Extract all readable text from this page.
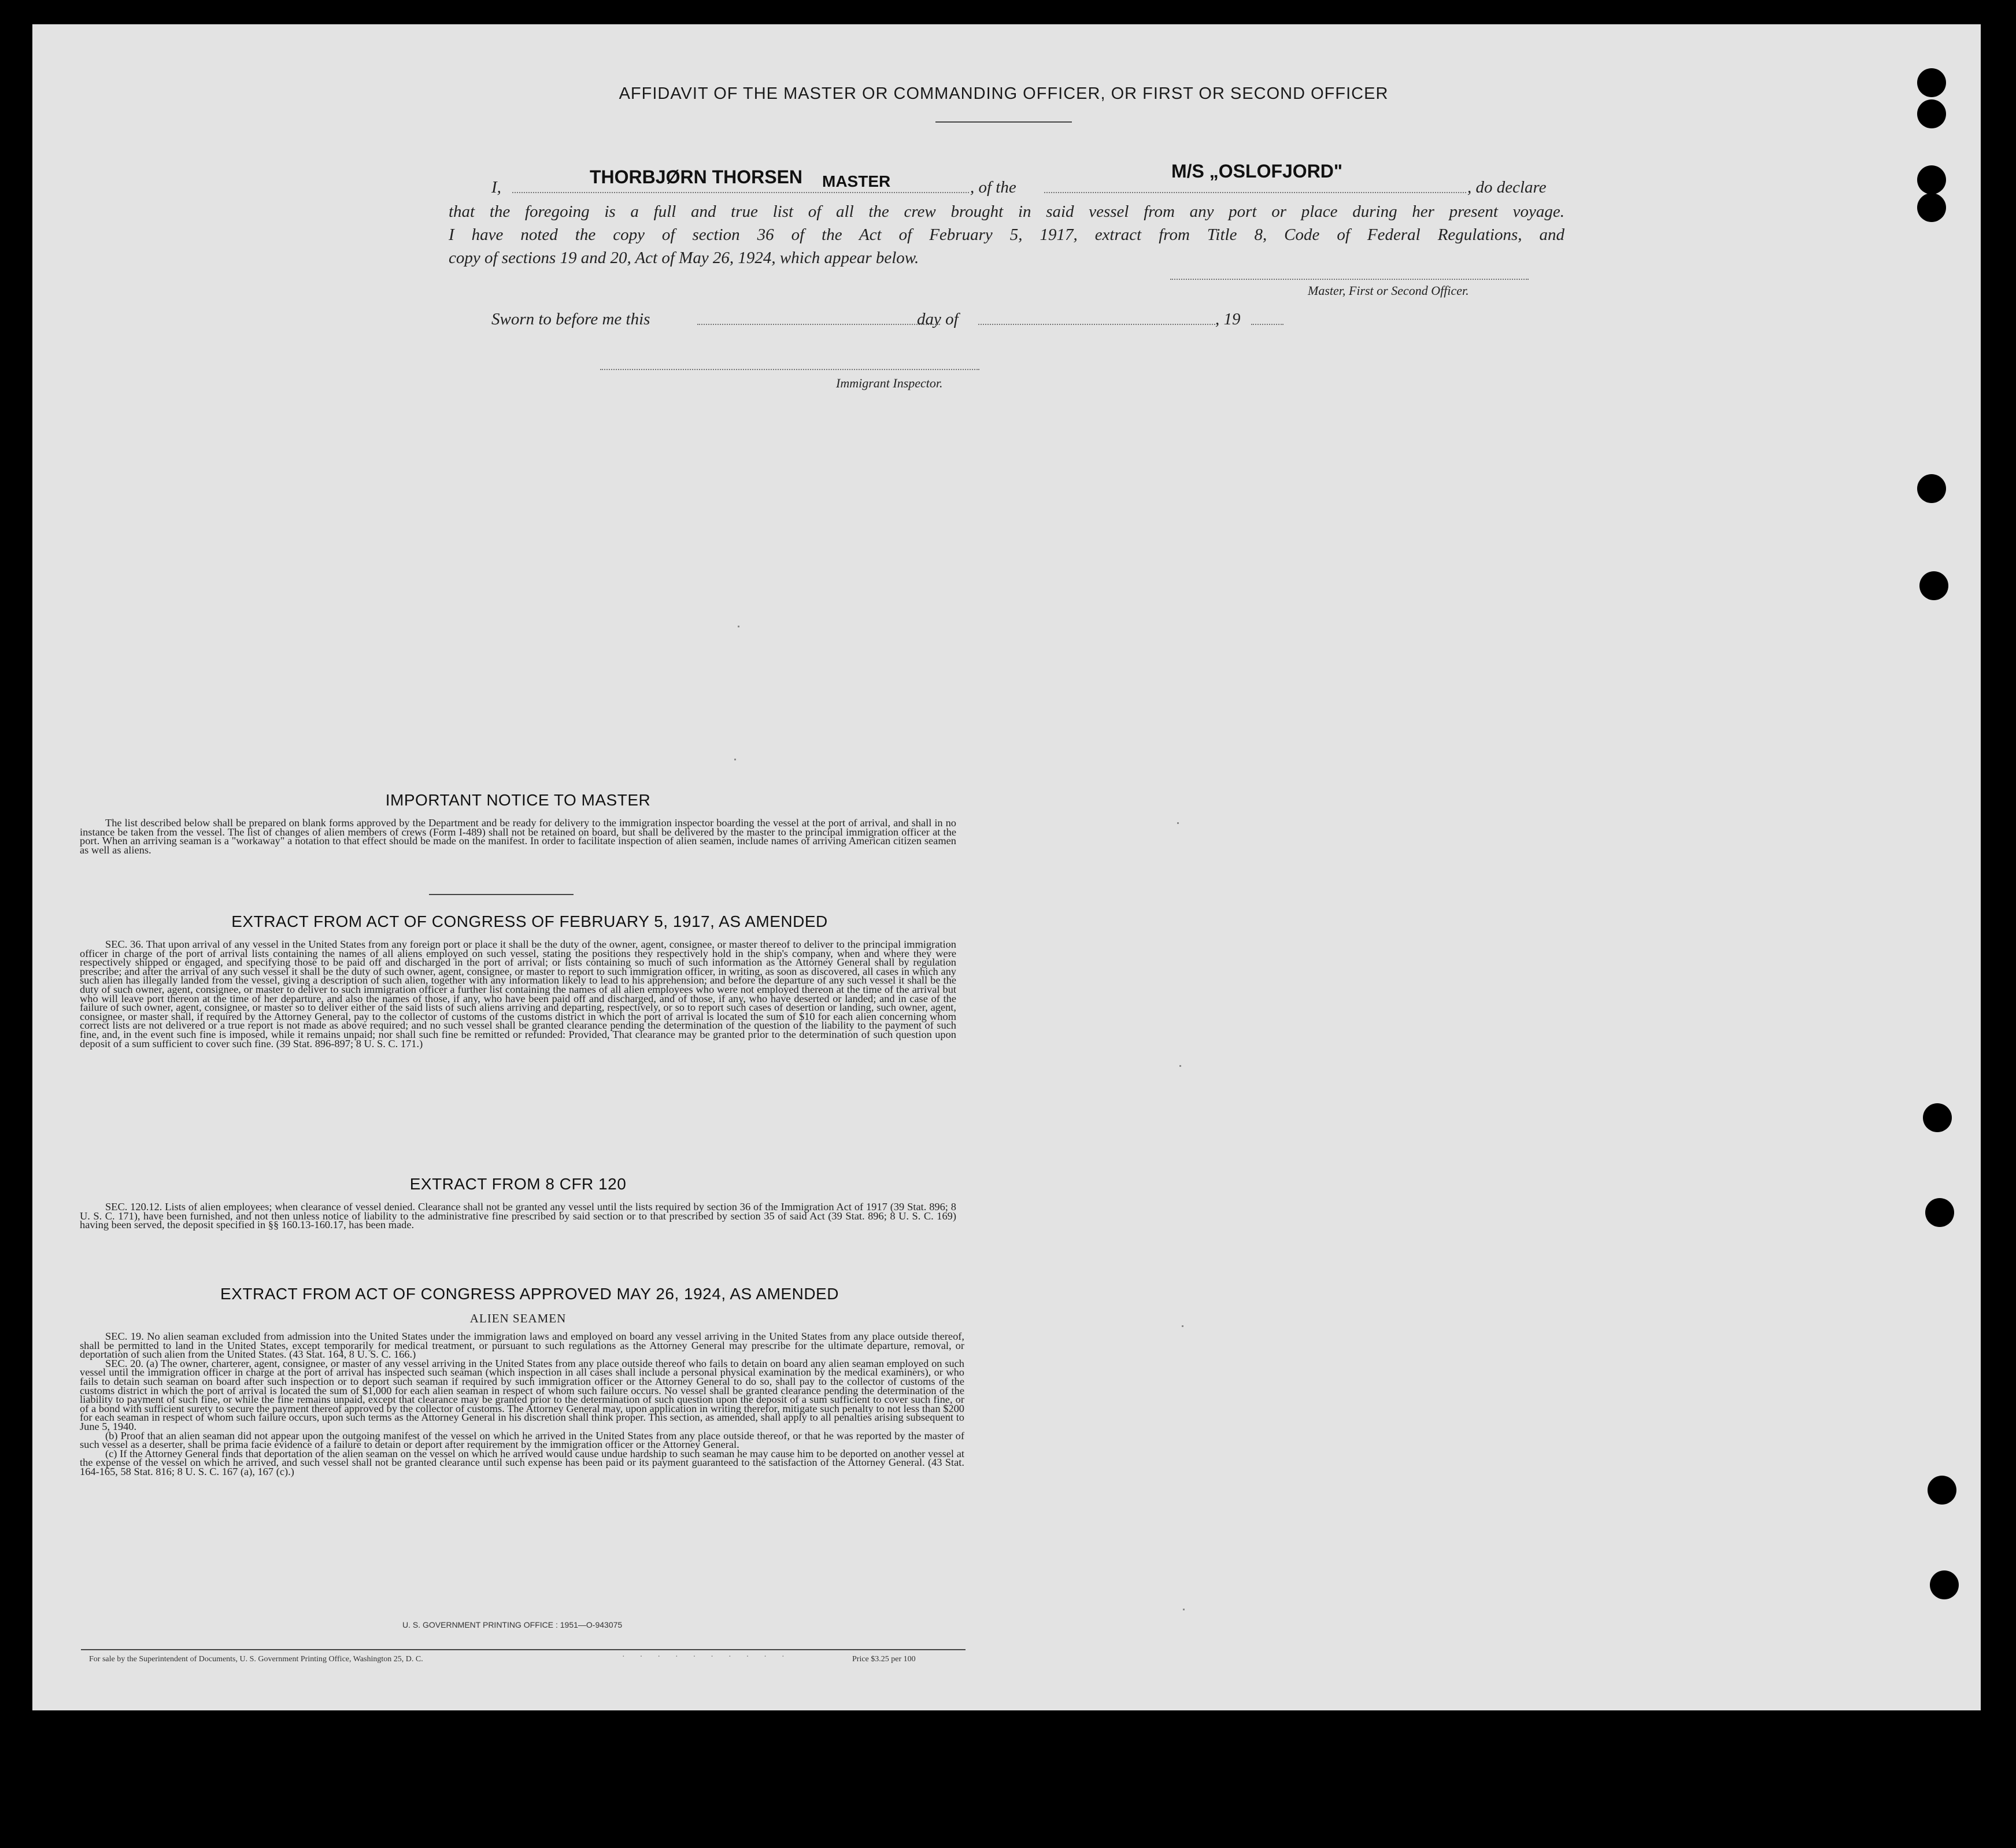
AFFIDAVIT OF THE MASTER OR COMMANDING OFFICER, OR FIRST OR SECOND OFFICER
I,	THORBJØRN THORSEN MASTER	, of the
M/S „OSLOFJORD"
, do declare
that the foregoing is a full and true list of all the crew brought in said vessel from any port or place during her present voyage.
I have noted the copy of section 36 of the Act of February 5, 1917, extract from Title 8, Code of Federal Regulations, and
copy of sections 19 and 20, Act of May 26, 1924, which appear below.
Master, First or Second Officer.
Sworn to before me this	day of	, 19
Immigrant Inspector.
IMPORTANT NOTICE TO MASTER

The list described below shall be prepared on blank forms approved by the Department and be ready for delivery to the immigration inspector boarding the vessel at the port of arrival, and shall in no instance be taken from the vessel. The list of changes of alien members of crews (Form I-489) shall not be retained on board, but shall be delivered by the master to the principal immigration officer at the port. When an arriving seaman is a "workaway" a notation to that effect should be made on the manifest. In order to facilitate inspection of alien seamen, include names of arriving American citizen seamen as well as aliens.

EXTRACT FROM ACT OF CONGRESS OF FEBRUARY 5, 1917, AS AMENDED

SEC. 36. That upon arrival of any vessel in the United States from any foreign port or place it shall be the duty of the owner, agent, consignee, or master thereof to deliver to the principal immigration officer in charge of the port of arrival lists containing the names of all aliens employed on such vessel, stating the positions they respectively hold in the ship's company, when and where they were respectively shipped or engaged, and specifying those to be paid off and discharged in the port of arrival; or lists containing so much of such information as the Attorney General shall by regulation prescribe; and after the arrival of any such vessel it shall be the duty of such owner, agent, consignee, or master to report to such immigration officer, in writing, as soon as discovered, all cases in which any such alien has illegally landed from the vessel, giving a description of such alien, together with any information likely to lead to his apprehension; and before the departure of any such vessel it shall be the duty of such owner, agent, consignee, or master to deliver to such immigration officer a further list containing the names of all alien employees who were not employed thereon at the time of the arrival but who will leave port thereon at the time of her departure, and also the names of those, if any, who have been paid off and discharged, and of those, if any, who have deserted or landed; and in case of the failure of such owner, agent, consignee, or master so to deliver either of the said lists of such aliens arriving and departing, respectively, or so to report such cases of desertion or landing, such owner, agent, consignee, or master shall, if required by the Attorney General, pay to the collector of customs of the customs district in which the port of arrival is located the sum of $10 for each alien concerning whom correct lists are not delivered or a true report is not made as above required; and no such vessel shall be granted clearance pending the determination of the question of the liability to the payment of such fine, and, in the event such fine is imposed, while it remains unpaid; nor shall such fine be remitted or refunded: Provided, That clearance may be granted prior to the determination of such question upon deposit of a sum sufficient to cover such fine. (39 Stat. 896-897; 8 U. S. C. 171.)

EXTRACT FROM 8 CFR 120

SEC. 120.12. Lists of alien employees; when clearance of vessel denied. Clearance shall not be granted any vessel until the lists required by section 36 of the Immigration Act of 1917 (39 Stat. 896; 8 U. S. C. 171), have been furnished, and not then unless notice of liability to the administrative fine prescribed by said section or to that prescribed by section 35 of said Act (39 Stat. 896; 8 U. S. C. 169) having been served, the deposit specified in §§ 160.13-160.17, has been made.

EXTRACT FROM ACT OF CONGRESS APPROVED MAY 26, 1924, AS AMENDED
ALIEN SEAMEN

SEC. 19. No alien seaman excluded from admission into the United States under the immigration laws and employed on board any vessel arriving in the United States from any place outside thereof, shall be permitted to land in the United States, except temporarily for medical treatment, or pursuant to such regulations as the Attorney General may prescribe for the ultimate departure, removal, or deportation of such alien from the United States. (43 Stat. 164, 8 U. S. C. 166.)

SEC. 20. (a) The owner, charterer, agent, consignee, or master of any vessel arriving in the United States from any place outside thereof who fails to detain on board any alien seaman employed on such vessel until the immigration officer in charge at the port of arrival has inspected such seaman (which inspection in all cases shall include a personal physical examination by the medical examiners), or who fails to detain such seaman on board after such inspection or to deport such seaman if required by such immigration officer or the Attorney General to do so, shall pay to the collector of customs of the customs district in which the port of arrival is located the sum of $1,000 for each alien seaman in respect of whom such failure occurs. No vessel shall be granted clearance pending the determination of the liability to payment of such fine, or while the fine remains unpaid, except that clearance may be granted prior to the determination of such question upon the deposit of a sum sufficient to cover such fine, or of a bond with sufficient surety to secure the payment thereof approved by the collector of customs. The Attorney General may, upon application in writing therefor, mitigate such penalty to not less than $200 for each seaman in respect of whom such failure occurs, upon such terms as the Attorney General in his discretion shall think proper. This section, as amended, shall apply to all penalties arising subsequent to June 5, 1940.

(b) Proof that an alien seaman did not appear upon the outgoing manifest of the vessel on which he arrived in the United States from any place outside thereof, or that he was reported by the master of such vessel as a deserter, shall be prima facie evidence of a failure to detain or deport after requirement by the immigration officer or the Attorney General.

(c) If the Attorney General finds that deportation of the alien seaman on the vessel on which he arrived would cause undue hardship to such seaman he may cause him to be deported on another vessel at the expense of the vessel on which he arrived, and such vessel shall not be granted clearance until such expense has been paid or its payment guaranteed to the satisfaction of the Attorney General. (43 Stat. 164-165, 58 Stat. 816; 8 U. S. C. 167 (a), 167 (c).)

U. S. GOVERNMENT PRINTING OFFICE : 1951—O-943075
For sale by the Superintendent of Documents, U. S. Government Printing Office, Washington 25, D. C.	··········	Price $3.25 per 100
